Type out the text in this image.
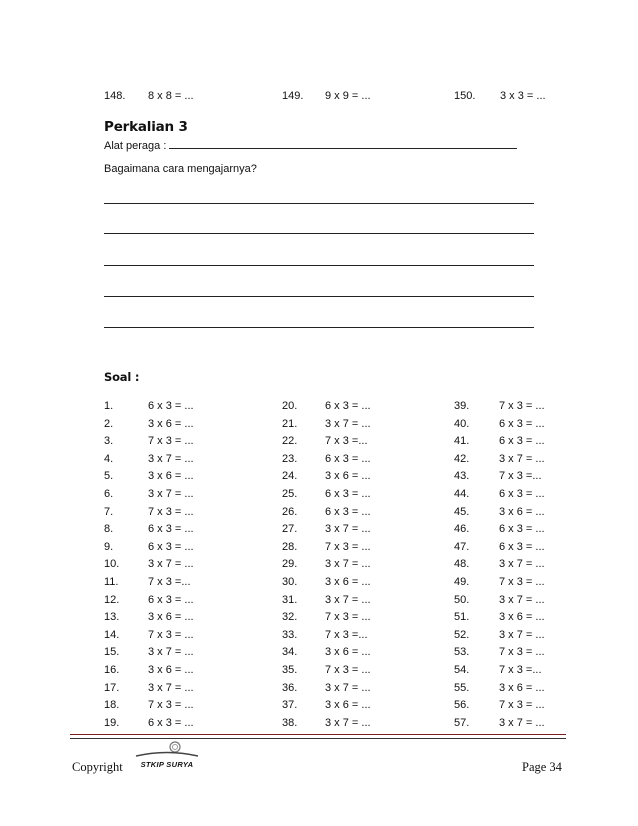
148. 8 x 8 = ...	149. 9 x 9 = ...	150. 3 x 3 = ...
Perkalian 3
Alat peraga :
Bagaimana cara mengajarnya?
Soal :
1.	6 x 3 = ...
2.	3 x 6 = ...
3.	7 x 3 = ...
4.	3 x 7 = ...
5.	3 x 6 = ...
6.	3 x 7 = ...
7.	7 x 3 = ...
8.	6 x 3 = ...
9.	6 x 3 = ...
10.	3 x 7 = ...
11.	7 x 3 =...
12.	6 x 3 = ...
13.	3 x 6 = ...
14.	7 x 3 = ...
15.	3 x 7 = ...
16.	3 x 6 = ...
17.	3 x 7 = ...
18.	7 x 3 = ...
19.	6 x 3 = ...
20.	6 x 3 = ...
21.	3 x 7 = ...
22.	7 x 3 =...
23.	6 x 3 = ...
24.	3 x 6 = ...
25.	6 x 3 = ...
26.	6 x 3 = ...
27.	3 x 7 = ...
28.	7 x 3 = ...
29.	3 x 7 = ...
30.	3 x 6 = ...
31.	3 x 7 = ...
32.	7 x 3 = ...
33.	7 x 3 =...
34.	3 x 6 = ...
35.	7 x 3 = ...
36.	3 x 7 = ...
37.	3 x 6 = ...
38.	3 x 7 = ...
39.	7 x 3 = ...
40.	6 x 3 = ...
41.	6 x 3 = ...
42.	3 x 7 = ...
43.	7 x 3 =...
44.	6 x 3 = ...
45.	3 x 6 = ...
46.	6 x 3 = ...
47.	6 x 3 = ...
48.	3 x 7 = ...
49.	7 x 3 = ...
50.	3 x 7 = ...
51.	3 x 6 = ...
52.	3 x 7 = ...
53.	7 x 3 = ...
54.	7 x 3 =...
55.	3 x 6 = ...
56.	7 x 3 = ...
57.	3 x 7 = ...
Copyright	STKIP SURYA	Page 34
